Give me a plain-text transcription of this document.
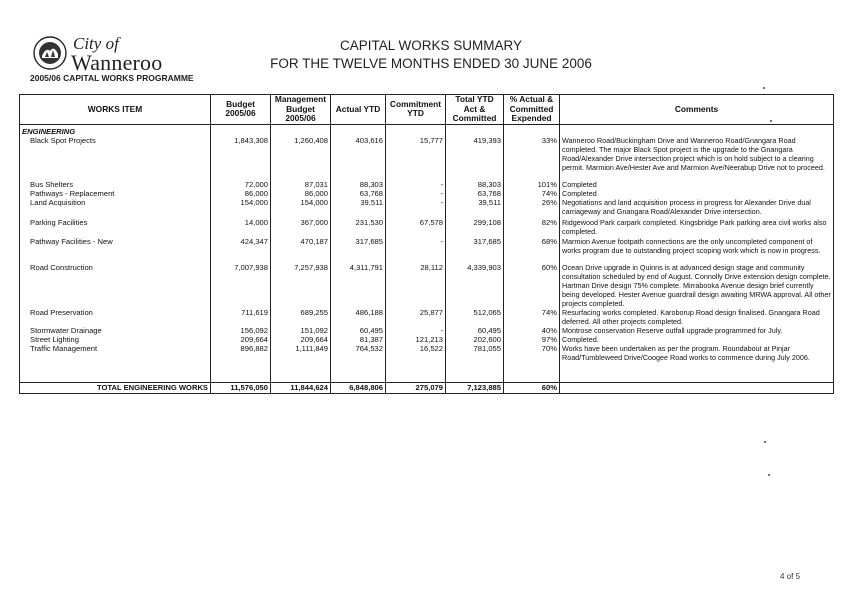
City of
Wanneroo
2005/06 CAPITAL WORKS PROGRAMME
CAPITAL WORKS SUMMARY
FOR THE TWELVE MONTHS ENDED 30 JUNE 2006
WORKS ITEM	Budget 2005/06	Management Budget 2005/06	Actual YTD	Commitment YTD	Total YTD Act & Committed	% Actual & Committed Expended	Comments
ENGINEERING							
Black Spot Projects	1,843,308	1,260,408	403,616	15,777	419,393	33%	Wanneroo Road/Buckingham Drive and Wanneroo Road/Gnangara Road completed. The major Black Spot project is the upgrade to the Gnangara Road/Alexander Drive intersection project which is on hold subject to a clearing permit. Marmion Ave/Hester Ave and Marmion Ave/Neerabup Drive not to proceed.
Bus Shelters	72,000	87,031	88,303	-	88,303	101%	Completed
Pathways - Replacement	86,000	86,000	63,768	-	63,768	74%	Completed
Land Acquisition	154,000	154,000	39,511	-	39,511	26%	Negotiations and land acquisition process in progress for Alexander Drive dual carriageway and Gnangara Road/Alexander Drive intersection.
Parking Facilities	14,000	367,000	231,530	67,578	299,108	82%	Ridgewood Park carpark completed. Kingsbridge Park parking area civil works also completed.
Pathway Facilities - New	424,347	470,187	317,685	-	317,685	68%	Marmion Avenue footpath connections are the only uncompleted component of works program due to outstanding project scoping work which is now in progress.
Road Construction	7,007,938	7,257,938	4,311,791	28,112	4,339,903	60%	Ocean Drive upgrade in Quinns is at advanced design stage and community consultation scheduled by end of August. Connolly Drive extension design complete. Hartman Drive design 75% complete. Mirrabooka Avenue design brief currently being developed. Hester Avenue guardrail design awaiting MRWA approval. All other projects completed.
Road Preservation	711,619	689,255	486,188	25,877	512,065	74%	Resurfacing works completed. Karoborup Road design finalised. Gnangara Road deferred. All other projects completed.
Stormwater Drainage	156,092	151,092	60,495	-	60,495	40%	Montrose conservation Reserve outfall upgrade programmed for July.
Street Lighting	209,664	209,664	81,387	121,213	202,600	97%	Completed.
Traffic Management	896,882	1,111,849	764,532	16,522	781,055	70%	Works have been undertaken as per the program. Roundabout at Pinjar Road/Tumbleweed Drive/Coogee Road works to commence during July 2006.

TOTAL ENGINEERING WORKS	11,576,050	11,844,624	6,848,806	275,079	7,123,885	60%	
4 of 5
